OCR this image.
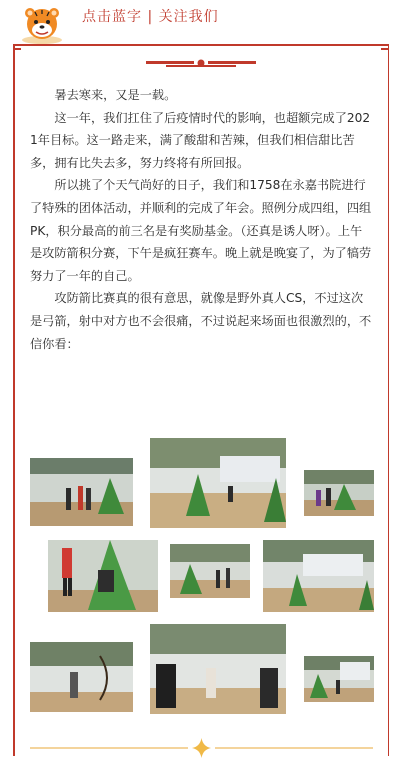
点击蓝字 | 关注我们

暑去寒来，又是一载。

这一年，我们扛住了后疫情时代的影响，也超额完成了2021年目标。这一路走来，满了酸甜和苦辣，但我们相信甜比苦多，拥有比失去多，努力终将有所回报。

所以挑了个天气尚好的日子，我们和1758在永嘉书院进行了特殊的团体活动，并顺利的完成了年会。照例分成四组，四组PK，积分最高的前三名是有奖励基金。（还真是诱人呀）。上午是攻防箭积分赛，下午是疯狂赛车。晚上就是晚宴了，为了犒劳努力了一年的自己。

攻防箭比赛真的很有意思，就像是野外真人CS，不过这次是弓箭，射中对方也不会很痛，不过说起来场面也很激烈的，不信你看：
